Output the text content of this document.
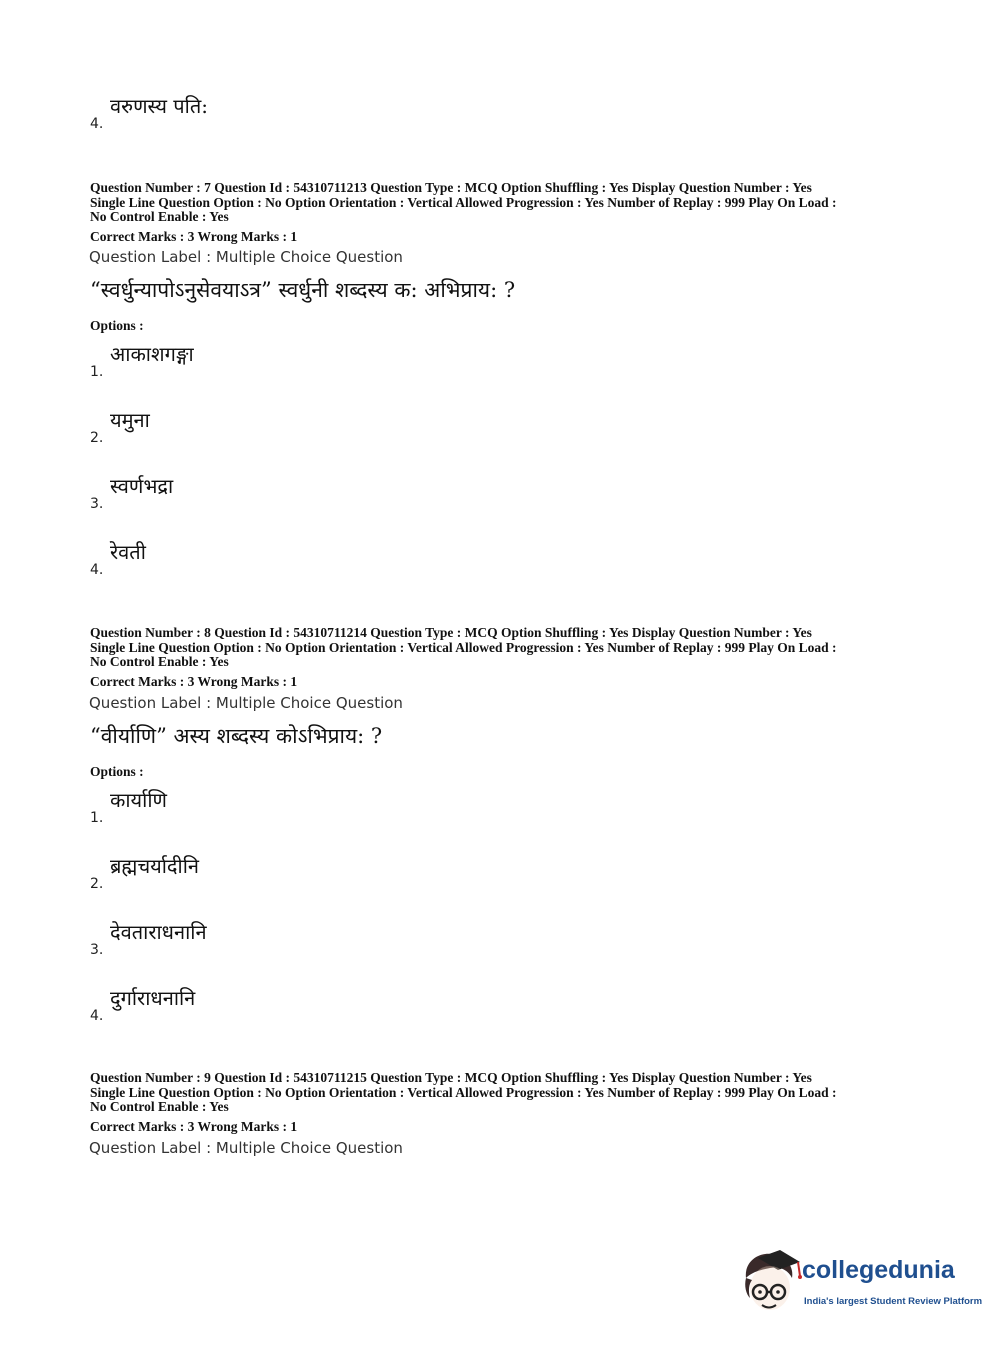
4.
वरुणस्य पति:
Question Number : 7 Question Id : 54310711213 Question Type : MCQ Option Shuffling : Yes Display Question Number : Yes
Single Line Question Option : No Option Orientation : Vertical Allowed Progression : Yes Number of Replay : 999 Play On Load :
No Control Enable : Yes
Correct Marks : 3 Wrong Marks : 1
Question Label : Multiple Choice Question
“स्वर्धुन्यापोऽनुसेवयाऽत्र” स्वर्धुनी शब्दस्य क: अभिप्राय: ?
Options :
1.
आकाशगङ्गा
2.
यमुना
3.
स्वर्णभद्रा
4.
रेवती
Question Number : 8 Question Id : 54310711214 Question Type : MCQ Option Shuffling : Yes Display Question Number : Yes
Single Line Question Option : No Option Orientation : Vertical Allowed Progression : Yes Number of Replay : 999 Play On Load :
No Control Enable : Yes
Correct Marks : 3 Wrong Marks : 1
Question Label : Multiple Choice Question
“वीर्याणि” अस्य शब्दस्य कोऽभिप्राय: ?
Options :
1.
कार्याणि
2.
ब्रह्मचर्यादीनि
3.
देवताराधनानि
4.
दुर्गाराधनानि
Question Number : 9 Question Id : 54310711215 Question Type : MCQ Option Shuffling : Yes Display Question Number : Yes
Single Line Question Option : No Option Orientation : Vertical Allowed Progression : Yes Number of Replay : 999 Play On Load :
No Control Enable : Yes
Correct Marks : 3 Wrong Marks : 1
Question Label : Multiple Choice Question
collegedunia
India's largest Student Review Platform
